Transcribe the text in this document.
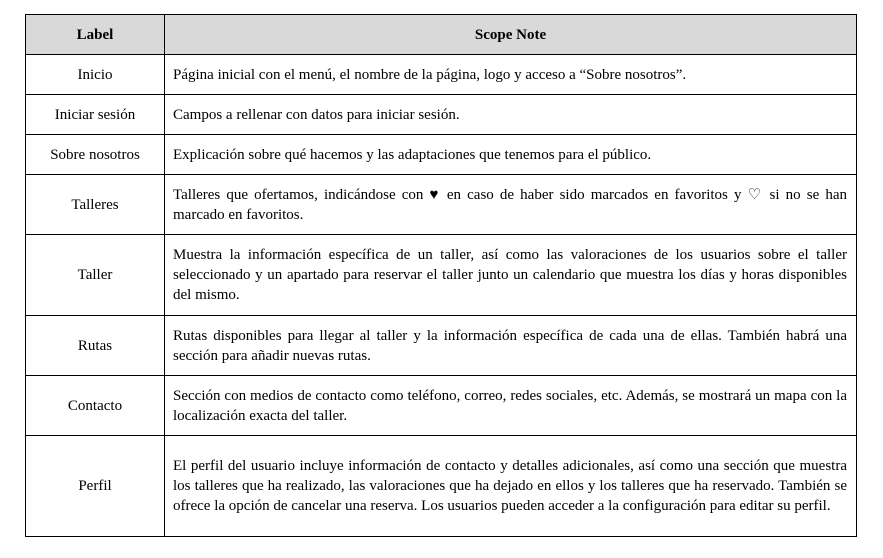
Label	Scope Note
Inicio	Página inicial con el menú, el nombre de la página, logo y acceso a “Sobre nosotros”.
Iniciar sesión	Campos a rellenar con datos para iniciar sesión.
Sobre nosotros	Explicación sobre qué hacemos y las adaptaciones que tenemos para el público.
Talleres	Talleres que ofertamos, indicándose con ♥ en caso de haber sido marcados en favoritos y ♡ si no se han marcado en favoritos.
Taller	Muestra la información específica de un taller, así como las valoraciones de los usuarios sobre el taller seleccionado y un apartado para reservar el taller junto un calendario que muestra los días y horas disponibles del mismo.
Rutas	Rutas disponibles para llegar al taller y la información específica de cada una de ellas. También habrá una sección para añadir nuevas rutas.
Contacto	Sección con medios de contacto como teléfono, correo, redes sociales, etc. Además, se mostrará un mapa con la localización exacta del taller.
Perfil	El perfil del usuario incluye información de contacto y detalles adicionales, así como una sección que muestra los talleres que ha realizado, las valoraciones que ha dejado en ellos y los talleres que ha reservado. También se ofrece la opción de cancelar una reserva. Los usuarios pueden acceder a la configuración para editar su perfil.
